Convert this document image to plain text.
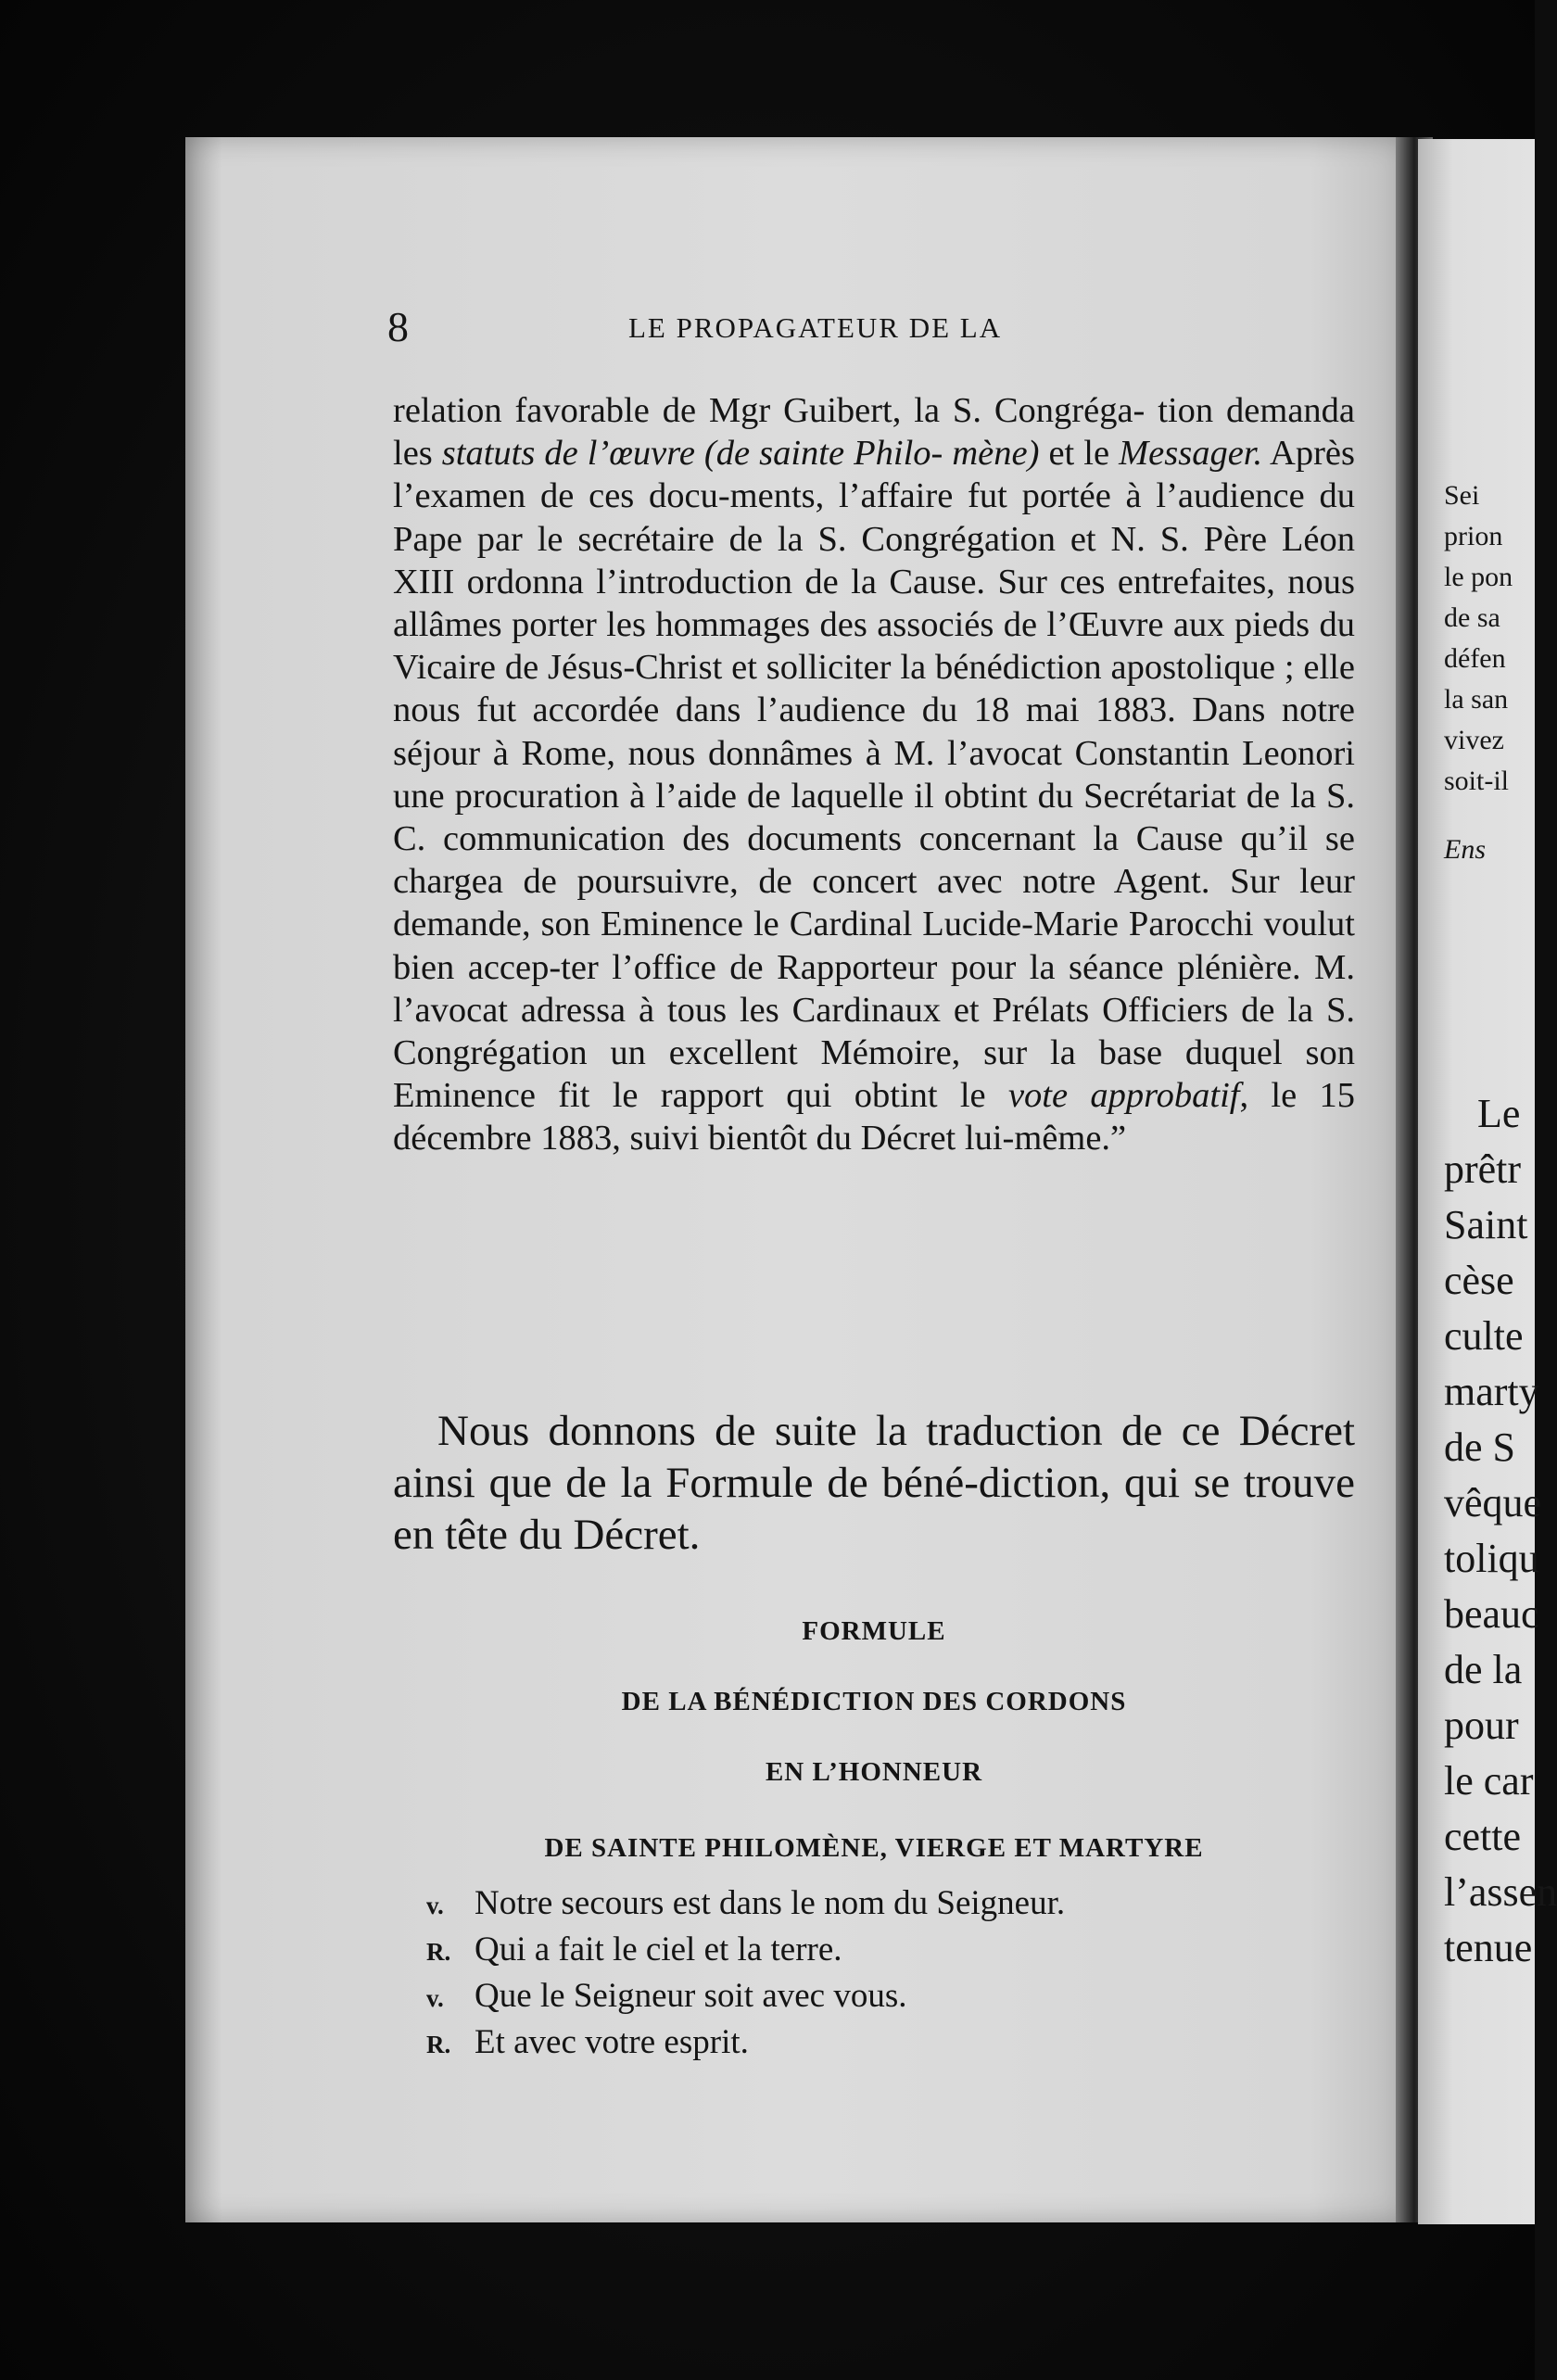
8	LE PROPAGATEUR DE LA

relation favorable de Mgr Guibert, la S. Congréga- tion demanda les statuts de l’œuvre (de sainte Philo- mène) et le Messager. Après l’examen de ces docu-ments, l’affaire fut portée à l’audience du Pape par le secrétaire de la S. Congrégation et N. S. Père Léon XIII ordonna l’introduction de la Cause. Sur ces entrefaites, nous allâmes porter les hommages des associés de l’Œuvre aux pieds du Vicaire de Jésus-Christ et solliciter la bénédiction apostolique ; elle nous fut accordée dans l’audience du 18 mai 1883. Dans notre séjour à Rome, nous donnâmes à M. l’avocat Constantin Leonori une procuration à l’aide de laquelle il obtint du Secrétariat de la S. C. communication des documents concernant la Cause qu’il se chargea de poursuivre, de concert avec notre Agent. Sur leur demande, son Eminence le Cardinal Lucide-Marie Parocchi voulut bien accep-ter l’office de Rapporteur pour la séance plénière. M. l’avocat adressa à tous les Cardinaux et Prélats Officiers de la S. Congrégation un excellent Mémoire, sur la base duquel son Eminence fit le rapport qui obtint le vote approbatif, le 15 décembre 1883, suivi bientôt du Décret lui-même.”

Nous donnons de suite la traduction de ce Décret ainsi que de la Formule de béné-diction, qui se trouve en tête du Décret.

FORMULE
DE LA BÉNÉDICTION DES CORDONS
EN L’HONNEUR
DE SAINTE PHILOMÈNE, VIERGE ET MARTYRE
v. Notre secours est dans le nom du Seigneur.
R. Qui a fait le ciel et la terre.
v. Que le Seigneur soit avec vous.
R. Et avec votre esprit.
Sei
prion
le pon
de sa
défen
la san
vivez
soit-il
Ens
Le
prêtr
Saint
cèse
culte
marty
de S
vêque
toliqu
beauc
de la
pour
le car
cette
l’assen
tenue
